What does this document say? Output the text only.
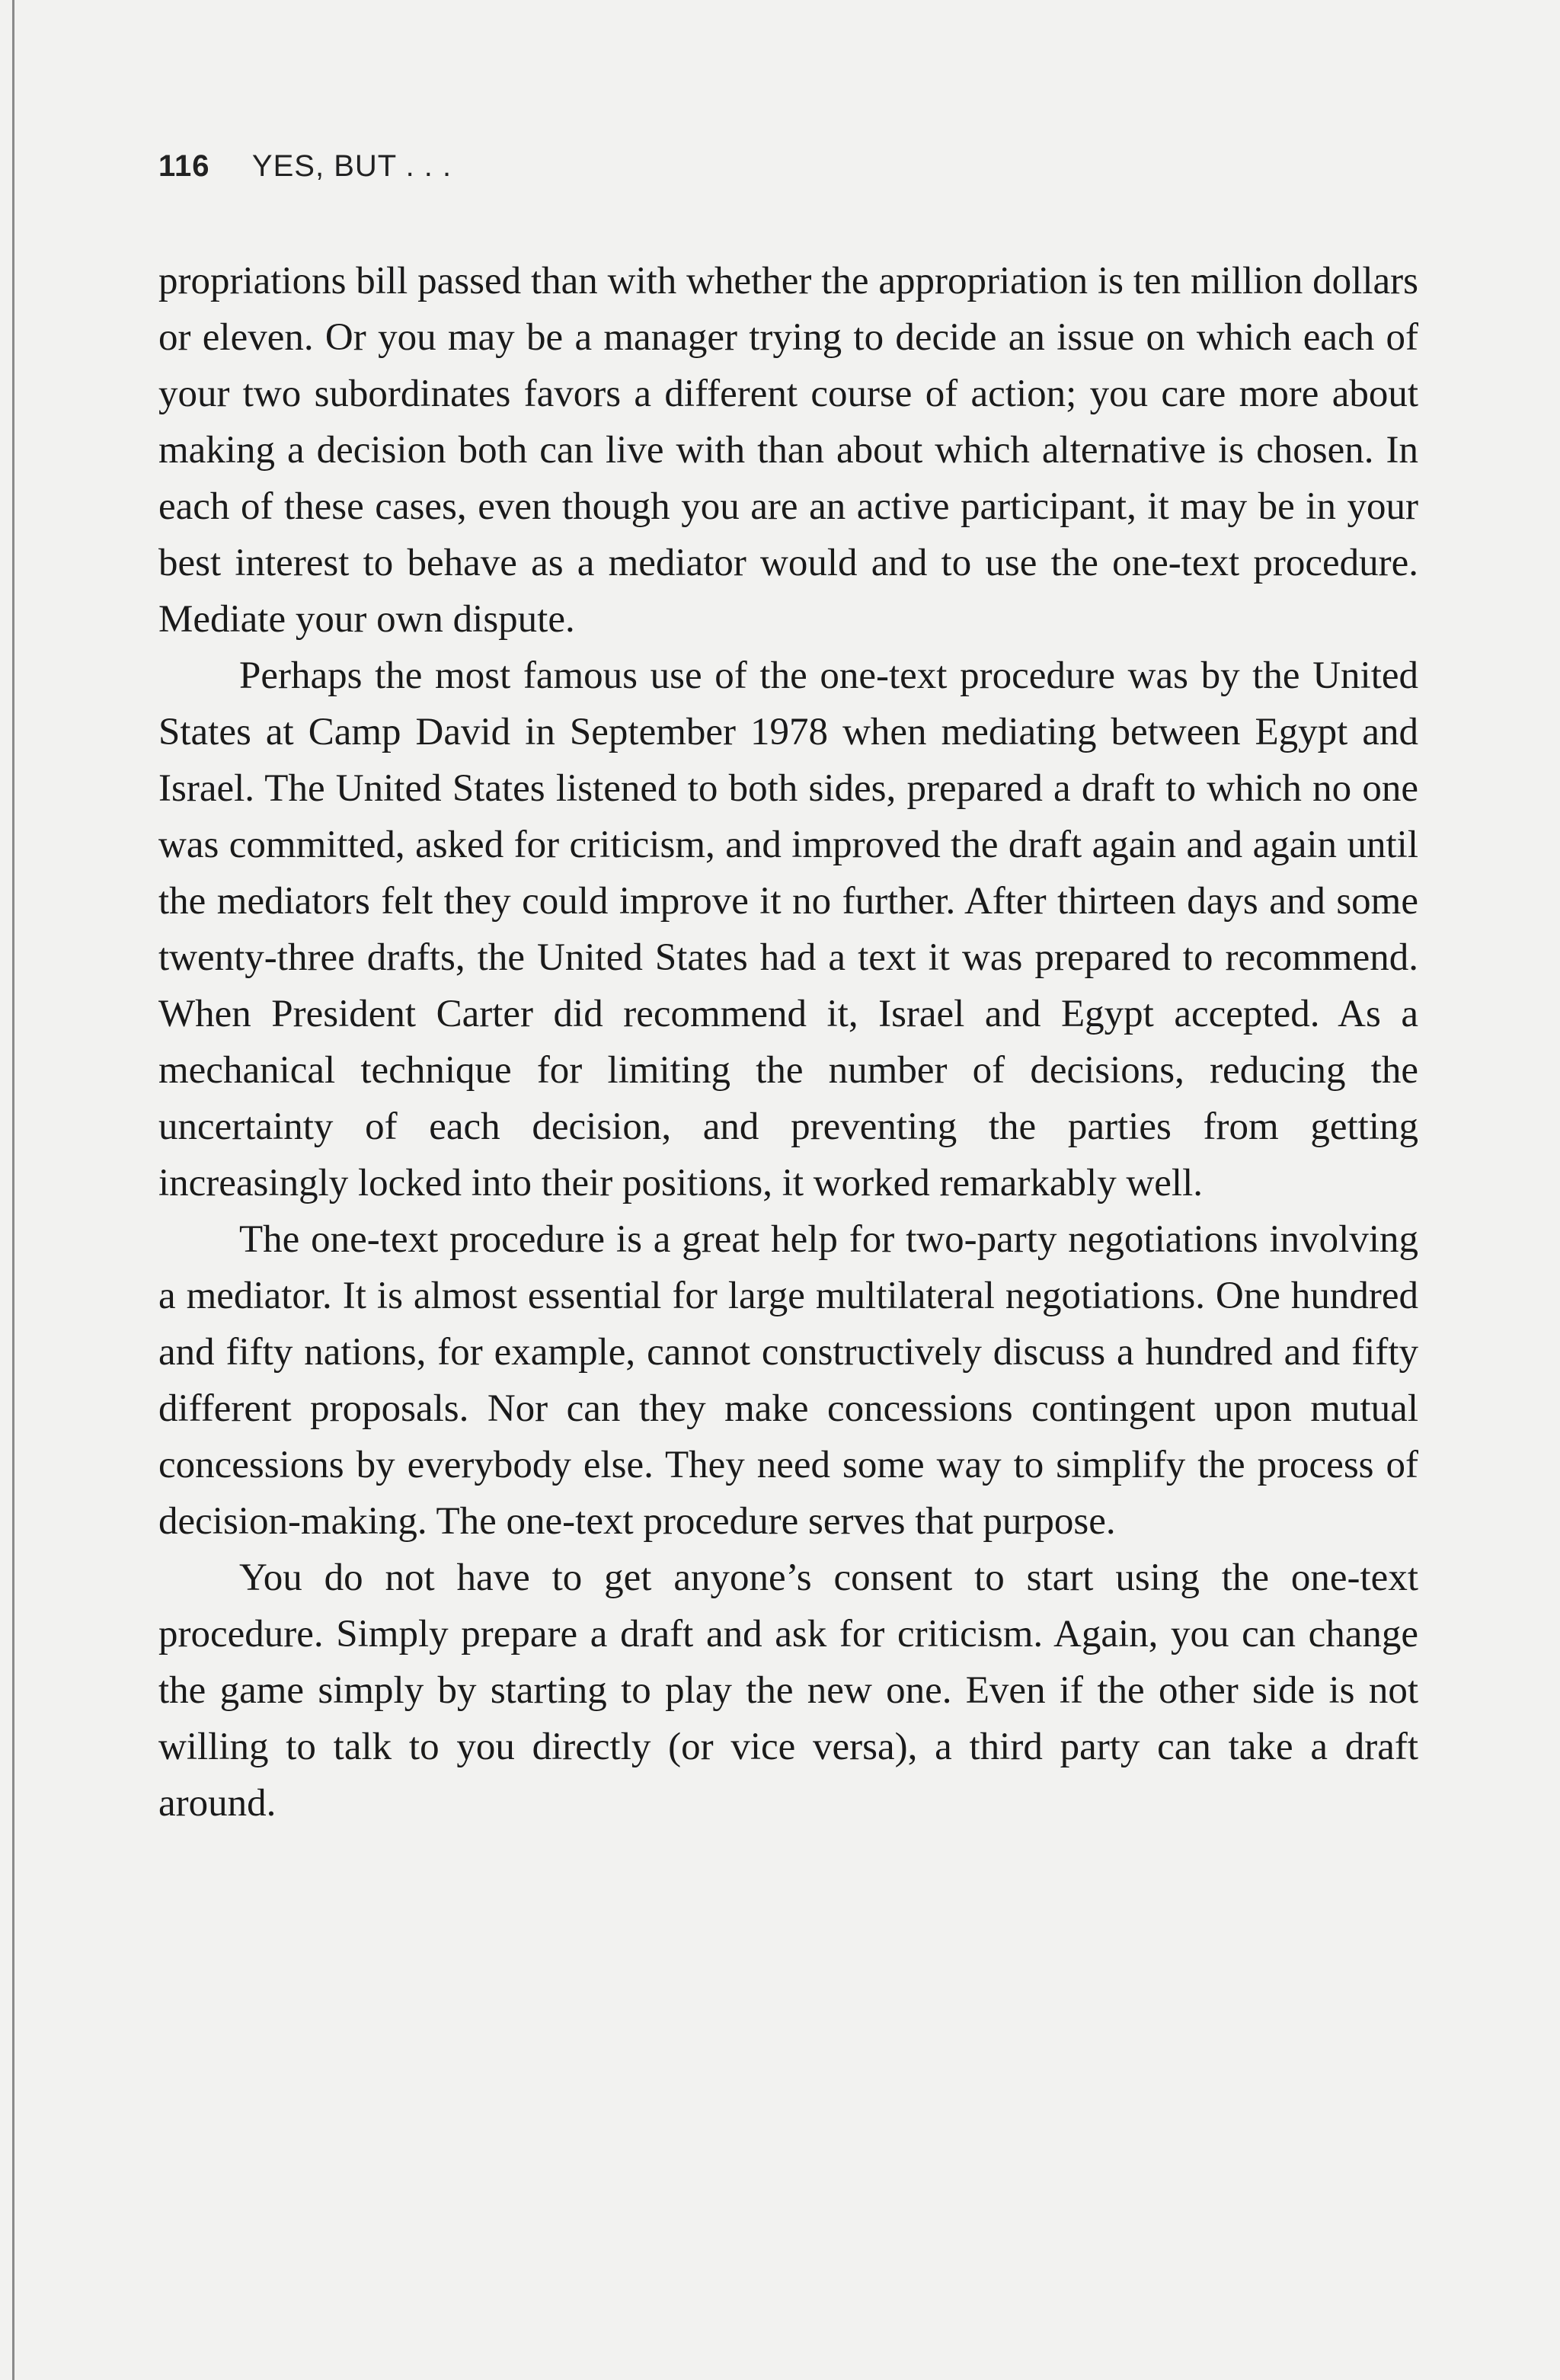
116 YES, BUT . . .

propriations bill passed than with whether the appropriation is ten million dollars or eleven. Or you may be a manager trying to decide an issue on which each of your two subordinates favors a different course of action; you care more about making a decision both can live with than about which alternative is chosen. In each of these cases, even though you are an active participant, it may be in your best interest to behave as a mediator would and to use the one-text procedure. Mediate your own dispute.

Perhaps the most famous use of the one-text procedure was by the United States at Camp David in September 1978 when mediating between Egypt and Israel. The United States listened to both sides, prepared a draft to which no one was committed, asked for criticism, and improved the draft again and again until the mediators felt they could improve it no further. After thirteen days and some twenty-three drafts, the United States had a text it was prepared to recommend. When President Carter did recommend it, Israel and Egypt accepted. As a mechanical technique for limiting the number of decisions, reducing the uncertainty of each decision, and preventing the parties from getting increasingly locked into their positions, it worked remarkably well.

The one-text procedure is a great help for two-party negotiations involving a mediator. It is almost essential for large multilateral negotiations. One hundred and fifty nations, for example, cannot constructively discuss a hundred and fifty different proposals. Nor can they make concessions contingent upon mutual concessions by everybody else. They need some way to simplify the process of decision-making. The one-text procedure serves that purpose.

You do not have to get anyone’s consent to start using the one-text procedure. Simply prepare a draft and ask for criticism. Again, you can change the game simply by starting to play the new one. Even if the other side is not willing to talk to you directly (or vice versa), a third party can take a draft around.
